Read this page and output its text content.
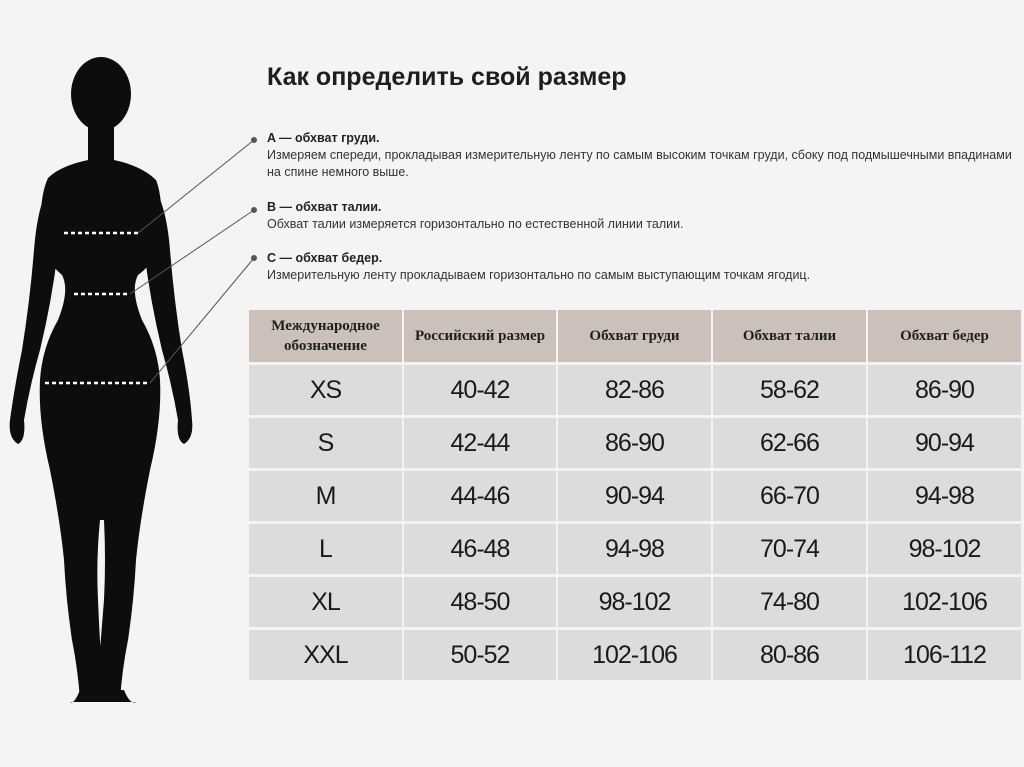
Как определить свой размер
A — обхват груди.
Измеряем спереди, прокладывая измерительную ленту по самым высоким точкам груди, сбоку под подмышечными впадинами на спине немного выше.
B — обхват талии.
Обхват талии измеряется горизонтально по естественной линии талии.
C — обхват бедер.
Измерительную ленту прокладываем горизонтально по самым выступающим точкам ягодиц.
Международное обозначение	Российский размер	Обхват груди	Обхват талии	Обхват бедер
XS	40-42	82-86	58-62	86-90
S	42-44	86-90	62-66	90-94
M	44-46	90-94	66-70	94-98
L	46-48	94-98	70-74	98-102
XL	48-50	98-102	74-80	102-106
XXL	50-52	102-106	80-86	106-112
